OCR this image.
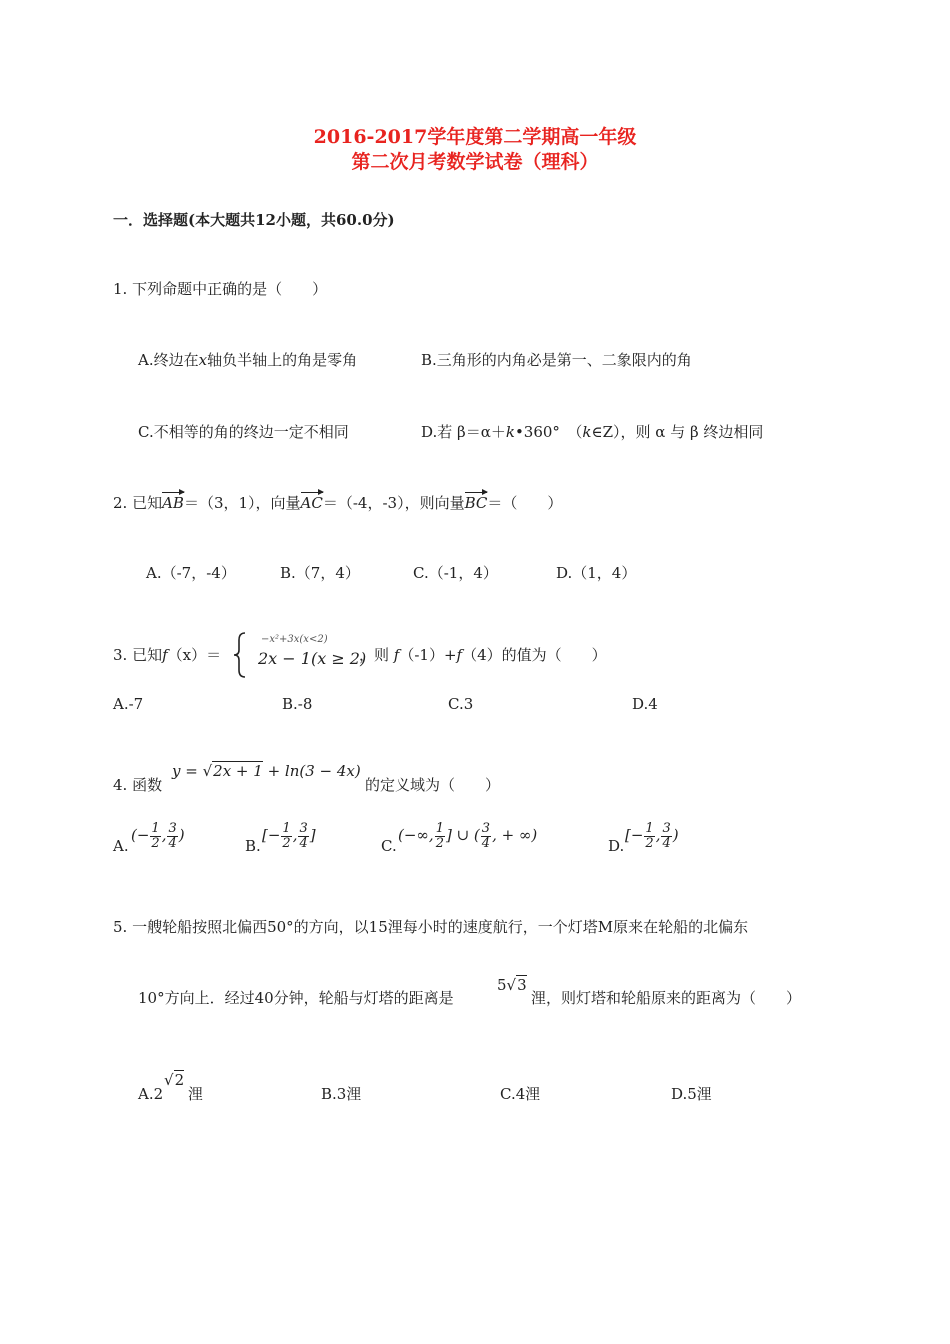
2016-2017学年度第二学期高一年级
第二次月考数学试卷（理科）
一．选择题(本大题共12小题，共60.0分)
1. 下列命题中正确的是（　　）
A.终边在x轴负半轴上的角是零角	B.三角形的内角必是第一、二象限内的角
C.不相等的角的终边一定不相同	D.若 β＝α＋k•360°　（k∈Z），则 α 与 β 终边相同
2. 已知AB＝（3，1），向量AC＝（-4，-3），则向量BC＝（　　）
A.（-7，-4）	B.（7，4）	C.（-1，4）	D.（1，4）
3. 已知f（x）＝
−x²+3x(x<2)
2x − 1(x ≥ 2)
，则 f（-1）+f（4）的值为（　　）
A.-7	B.-8	C.3	D.4
4. 函数
y = √2x + 1 + ln(3 − 4x)
的定义域为（　　）
A.
(− $\frac{1}{2}$ , $\frac{3}{4}$ )
B.
[− $\frac{1}{2}$ , $\frac{3}{4}$ ]
C.
(−∞, $\frac{1}{2}$ ] ∪ ( $\frac{3}{4}$ , + ∞)
D.
[− $\frac{1}{2}$ , $\frac{3}{4}$ )
5. 一艘轮船按照北偏西50°的方向，以15浬每小时的速度航行，一个灯塔M原来在轮船的北偏东
10°方向上．经过40分钟，轮船与灯塔的距离是
5√3
浬，则灯塔和轮船原来的距离为（　　）
A.2
√2
浬	B.3浬	C.4浬	D.5浬
